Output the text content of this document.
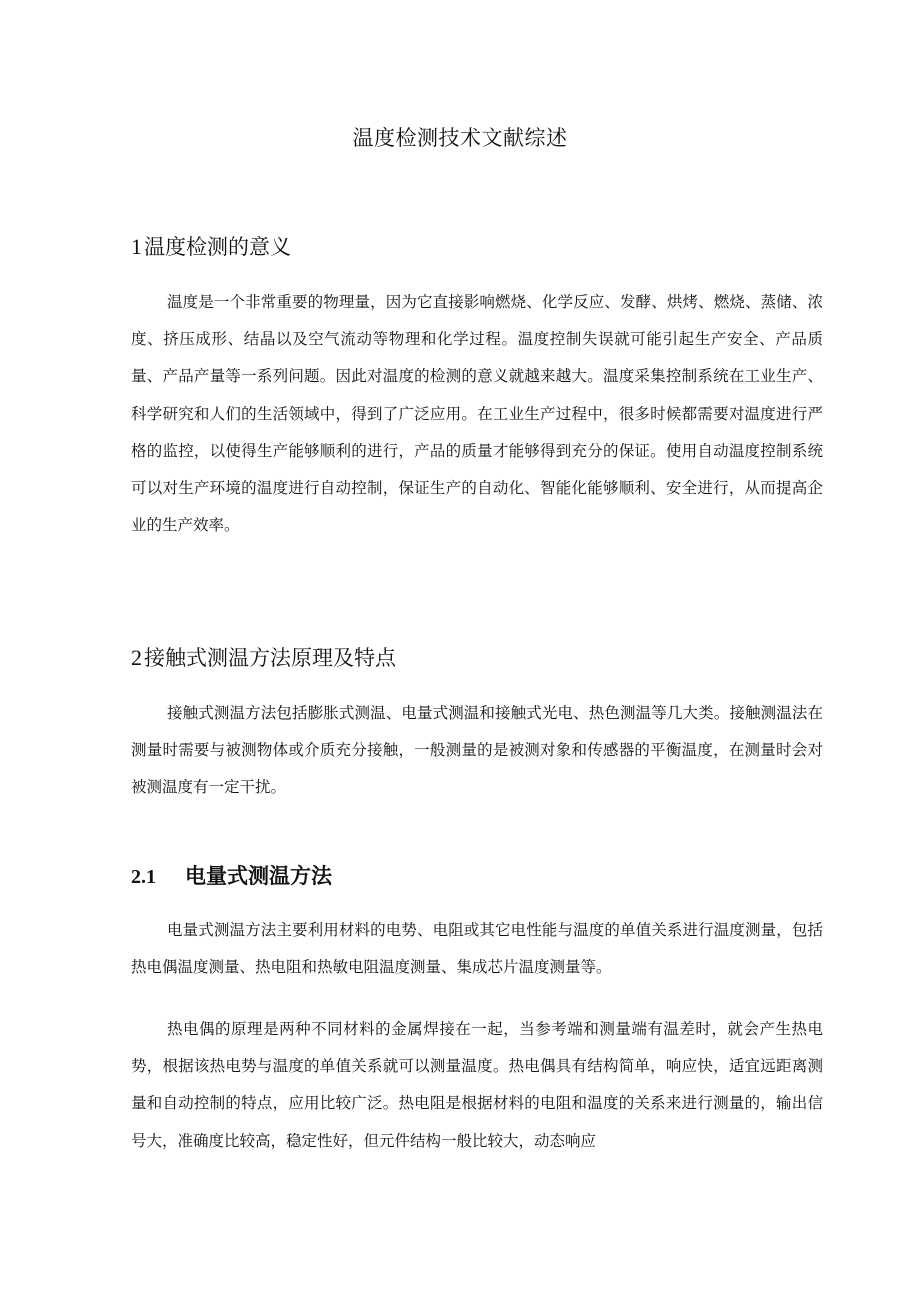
温度检测技术文献综述
1温度检测的意义

温度是一个非常重要的物理量，因为它直接影响燃烧、化学反应、发酵、烘烤、燃烧、蒸储、浓度、挤压成形、结晶以及空气流动等物理和化学过程。温度控制失误就可能引起生产安全、产品质量、产品产量等一系列问题。因此对温度的检测的意义就越来越大。温度采集控制系统在工业生产、科学研究和人们的生活领域中，得到了广泛应用。在工业生产过程中，很多时候都需要对温度进行严格的监控，以使得生产能够顺利的进行，产品的质量才能够得到充分的保证。使用自动温度控制系统可以对生产环境的温度进行自动控制，保证生产的自动化、智能化能够顺利、安全进行，从而提高企业的生产效率。

2接触式测温方法原理及特点

接触式测温方法包括膨胀式测温、电量式测温和接触式光电、热色测温等几大类。接触测温法在测量时需要与被测物体或介质充分接触，一般测量的是被测对象和传感器的平衡温度，在测量时会对被测温度有一定干扰。

2.1 电量式测温方法

电量式测温方法主要利用材料的电势、电阻或其它电性能与温度的单值关系进行温度测量，包括热电偶温度测量、热电阻和热敏电阻温度测量、集成芯片温度测量等。

热电偶的原理是两种不同材料的金属焊接在一起，当参考端和测量端有温差时，就会产生热电势，根据该热电势与温度的单值关系就可以测量温度。热电偶具有结构简单，响应快，适宜远距离测量和自动控制的特点，应用比较广泛。热电阻是根据材料的电阻和温度的关系来进行测量的，输出信号大，准确度比较高，稳定性好，但元件结构一般比较大，动态响应
